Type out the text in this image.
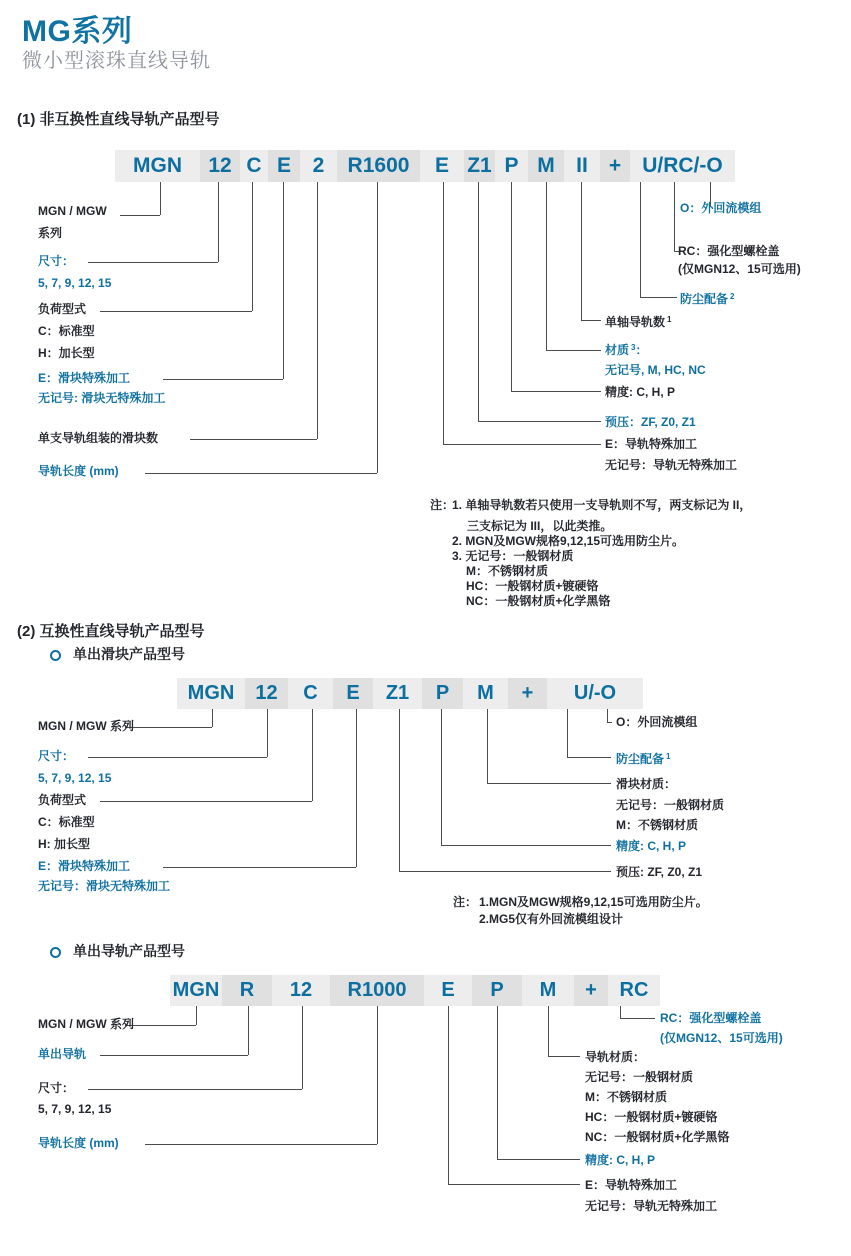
MG系列
微小型滚珠直线导轨
(1) 非互换性直线导轨产品型号
MGN 12 C E 2 R1600 E Z1 P M II + U/RC/-O
MGN / MGW
系列
尺寸：
5, 7, 9, 12, 15
负荷型式
C：标准型
H：加长型
E：滑块特殊加工
无记号: 滑块无特殊加工
单支导轨组装的滑块数
导轨长度 (mm)
O：外回流模组
RC：强化型螺栓盖
(仅MGN12、15可选用)
防尘配备 $^2$
单轴导轨数 $^1$
材质 $^3$：
无记号, M, HC, NC
精度: C, H, P
预压：ZF, Z0, Z1
E：导轨特殊加工
无记号：导轨无特殊加工
注：
1. 单轴导轨数若只使用一支导轨则不写，两支标记为 II，
三支标记为 III，以此类推。
2. MGN及MGW规格9,12,15可选用防尘片。
3. 无记号：一般钢材质
M：不锈钢材质
HC：一般钢材质+镀硬铬
NC：一般钢材质+化学黑铬
(2) 互换性直线导轨产品型号
单出滑块产品型号
MGN 12 C E Z1 P M + U/-O
MGN / MGW 系列
尺寸：
5, 7, 9, 12, 15
负荷型式
C：标准型
H: 加长型
E：滑块特殊加工
无记号：滑块无特殊加工
O：外回流模组
防尘配备 $^1$
滑块材质：
无记号：一般钢材质
M：不锈钢材质
精度: C, H, P
预压: ZF, Z0, Z1
注： 1.MGN及MGW规格9,12,15可选用防尘片。
2.MG5仅有外回流模组设计
单出导轨产品型号
MGN R 12 R1000 E P M + RC
MGN / MGW 系列
单出导轨
尺寸：
5, 7, 9, 12, 15
导轨长度 (mm)
RC：强化型螺栓盖
(仅MGN12、15可选用)
导轨材质：
无记号：一般钢材质
M：不锈钢材质
HC：一般钢材质+镀硬铬
NC：一般钢材质+化学黑铬
精度: C, H, P
E：导轨特殊加工
无记号：导轨无特殊加工
